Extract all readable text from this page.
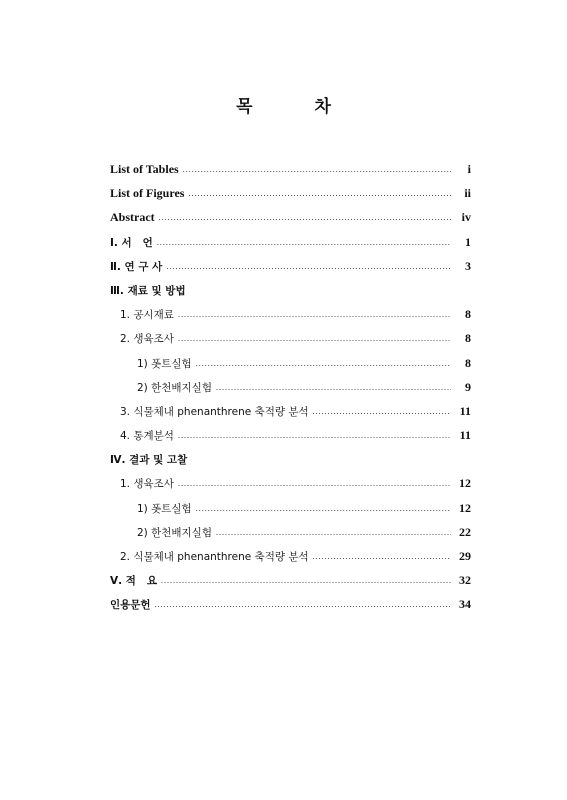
목 차
List of Tables .....	i
List of Figures .....	ii
Abstract .....	iv
Ⅰ. 서   언 .....	1
Ⅱ. 연 구 사 .....	3
Ⅲ. 재료 및 방법
1. 공시재료 .....	8
2. 생육조사 .....	8
1) 폿트실험 .....	8
2) 한천배지실험 .....	9
3. 식물체내 phenanthrene 축적량 분석 .....	11
4. 통계분석 .....	11
Ⅳ. 결과 및 고찰
1. 생육조사 .....	12
1) 폿트실험 .....	12
2) 한천배지실험 .....	22
2. 식물체내 phenanthrene 축적량 분석 .....	29
Ⅴ. 적   요 .....	32
인용문헌 .....	34
